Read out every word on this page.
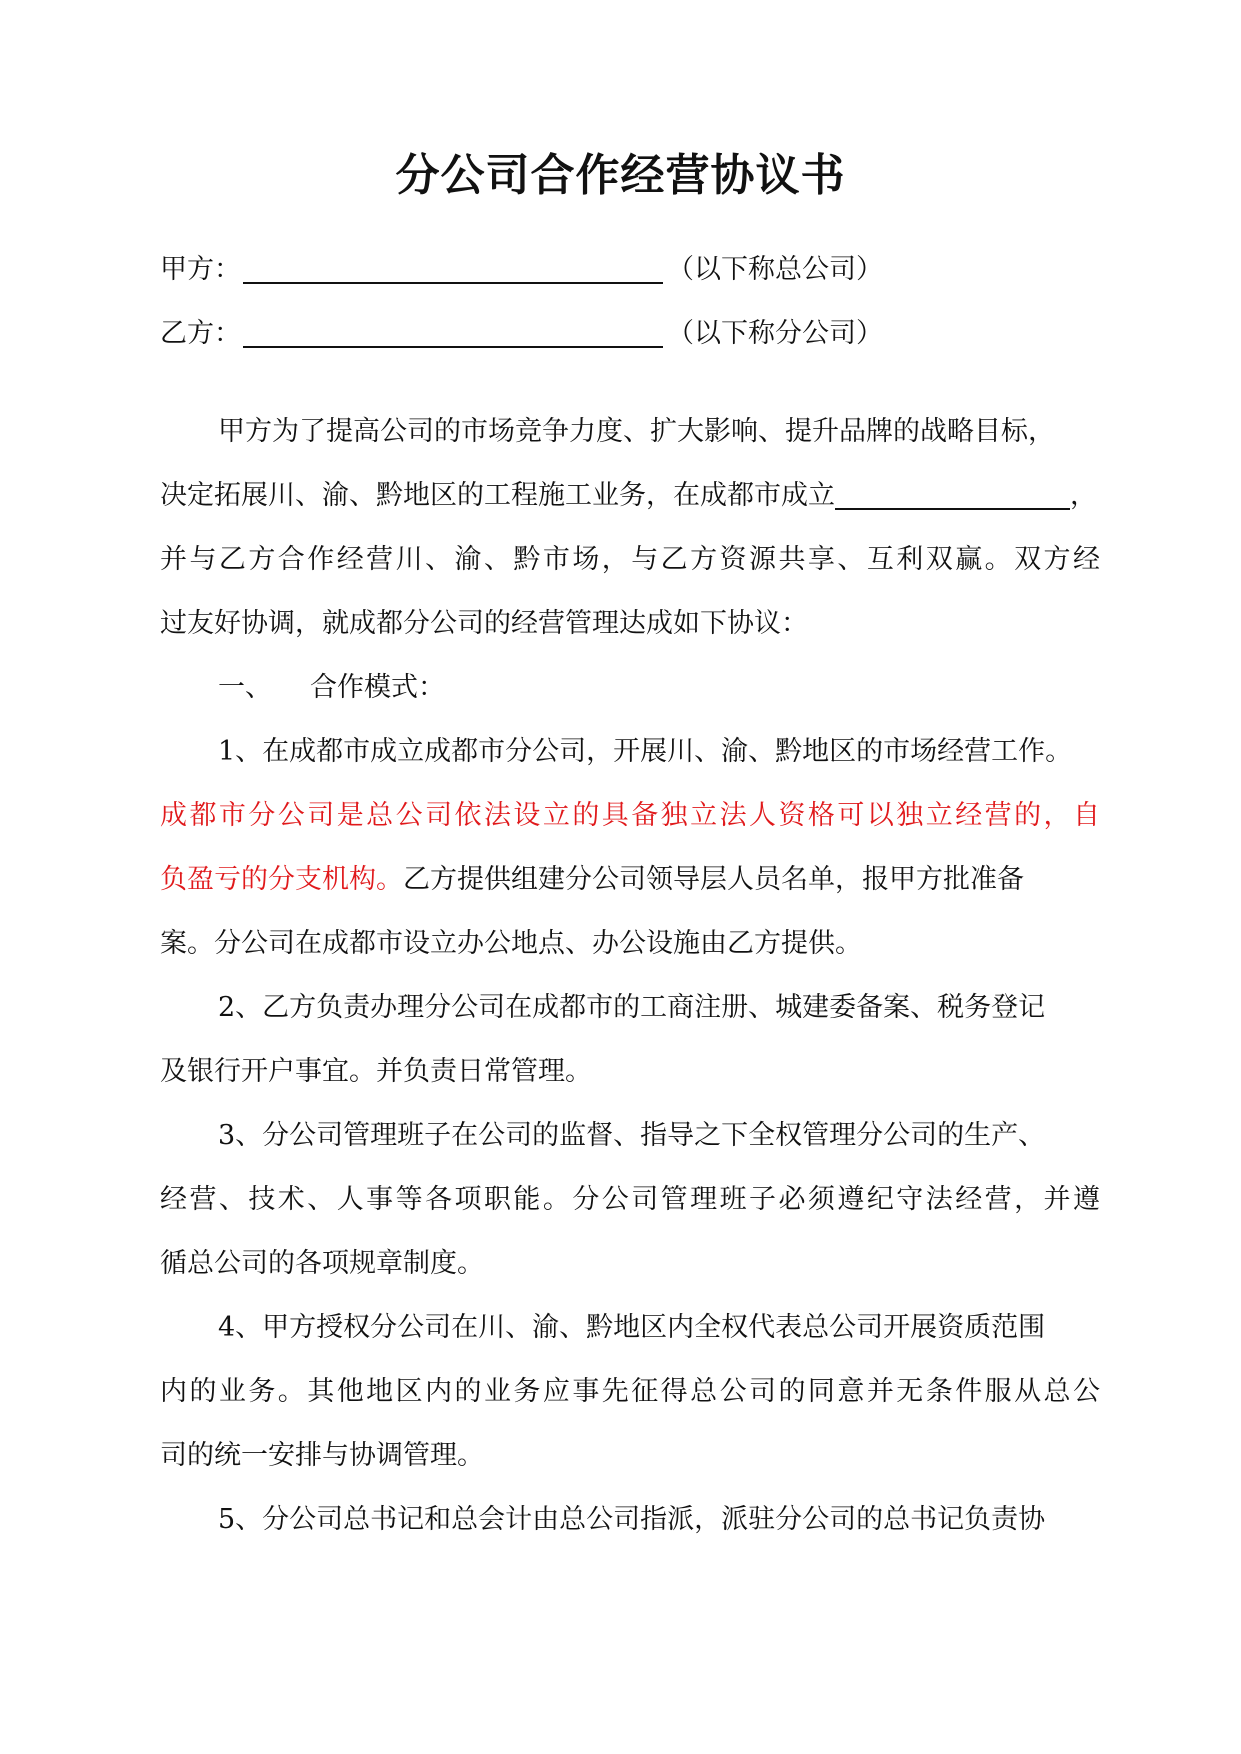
分公司合作经营协议书
甲方：	（以下称总公司）
乙方：	（以下称分公司）
甲方为了提高公司的市场竞争力度、扩大影响、提升品牌的战略目标，
决定拓展川、渝、黔地区的工程施工业务，在成都市成立	，
并与乙方合作经营川、渝、黔市场，与乙方资源共享、互利双赢。双方经
过友好协调，就成都分公司的经营管理达成如下协议：
一、 合作模式：
1、在成都市成立成都市分公司，开展川、渝、黔地区的市场经营工作。
成都市分公司是总公司依法设立的具备独立法人资格可以独立经营的，自
负盈亏的分支机构。乙方提供组建分公司领导层人员名单，报甲方批准备
案。分公司在成都市设立办公地点、办公设施由乙方提供。
2、乙方负责办理分公司在成都市的工商注册、城建委备案、税务登记
及银行开户事宜。并负责日常管理。
3、分公司管理班子在公司的监督、指导之下全权管理分公司的生产、
经营、技术、人事等各项职能。分公司管理班子必须遵纪守法经营，并遵
循总公司的各项规章制度。
4、甲方授权分公司在川、渝、黔地区内全权代表总公司开展资质范围
内的业务。其他地区内的业务应事先征得总公司的同意并无条件服从总公
司的统一安排与协调管理。
5、分公司总书记和总会计由总公司指派，派驻分公司的总书记负责协
